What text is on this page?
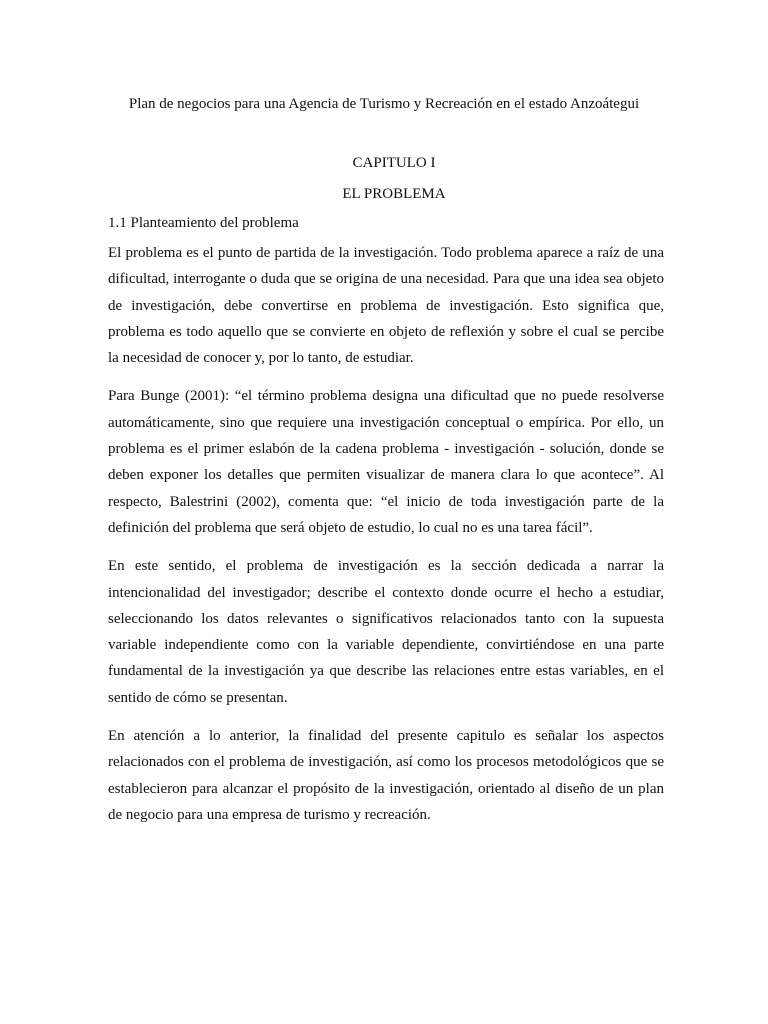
Plan de negocios para una Agencia de Turismo y Recreación en el estado Anzoátegui

CAPITULO I

EL PROBLEMA

1.1 Planteamiento del problema

El problema es el punto de partida de la investigación. Todo problema aparece a raíz de una dificultad, interrogante o duda que se origina de una necesidad. Para que una idea sea objeto de investigación, debe convertirse en problema de investigación. Esto significa que, problema es todo aquello que se convierte en objeto de reflexión y sobre el cual se percibe la necesidad de conocer y, por lo tanto, de estudiar.

Para Bunge (2001): “el término problema designa una dificultad que no puede resolverse automáticamente, sino que requiere una investigación conceptual o empírica. Por ello, un problema es el primer eslabón de la cadena problema - investigación - solución, donde se deben exponer los detalles que permiten visualizar de manera clara lo que acontece”. Al respecto, Balestrini (2002), comenta que: “el inicio de toda investigación parte de la definición del problema que será objeto de estudio, lo cual no es una tarea fácil”.

En este sentido, el problema de investigación es la sección dedicada a narrar la intencionalidad del investigador; describe el contexto donde ocurre el hecho a estudiar, seleccionando los datos relevantes o significativos relacionados tanto con la supuesta variable independiente como con la variable dependiente, convirtiéndose en una parte fundamental de la investigación ya que describe las relaciones entre estas variables, en el sentido de cómo se presentan.

En atención a lo anterior, la finalidad del presente capitulo es señalar los aspectos relacionados con el problema de investigación, así como los procesos metodológicos que se establecieron para alcanzar el propósito de la investigación, orientado al diseño de un plan de negocio para una empresa de turismo y recreación.
